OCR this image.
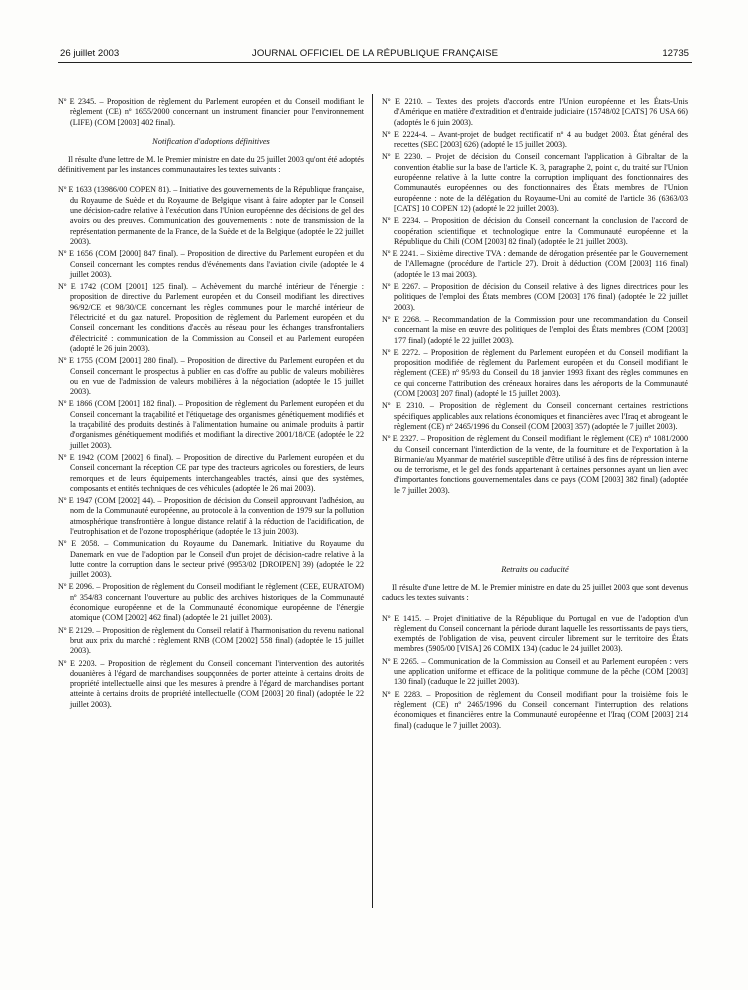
26 juillet 2003	JOURNAL OFFICIEL DE LA RÉPUBLIQUE FRANÇAISE	12735

Nº E 2345. – Proposition de règlement du Parlement européen et du Conseil modifiant le règlement (CE) nº 1655/2000 concernant un instrument financier pour l'environnement (LIFE) (COM [2003] 402 final).

Notification d'adoptions définitives

Il résulte d'une lettre de M. le Premier ministre en date du 25 juillet 2003 qu'ont été adoptés définitivement par les instances communautaires les textes suivants :

Nº E 1633 (13986/00 COPEN 81). – Initiative des gouvernements de la République française, du Royaume de Suède et du Royaume de Belgique visant à faire adopter par le Conseil une décision-cadre relative à l'exécution dans l'Union européenne des décisions de gel des avoirs ou des preuves. Communication des gouvernements : note de transmission de la représentation permanente de la France, de la Suède et de la Belgique (adoptée le 22 juillet 2003).

Nº E 1656 (COM [2000] 847 final). – Proposition de directive du Parlement européen et du Conseil concernant les comptes rendus d'événements dans l'aviation civile (adoptée le 4 juillet 2003).

Nº E 1742 (COM [2001] 125 final). – Achèvement du marché intérieur de l'énergie : proposition de directive du Parlement européen et du Conseil modifiant les directives 96/92/CE et 98/30/CE concernant les règles communes pour le marché intérieur de l'électricité et du gaz naturel. Proposition de règlement du Parlement européen et du Conseil concernant les conditions d'accès au réseau pour les échanges transfrontaliers d'électricité : communication de la Commission au Conseil et au Parlement européen (adopté le 26 juin 2003).

Nº E 1755 (COM [2001] 280 final). – Proposition de directive du Parlement européen et du Conseil concernant le prospectus à publier en cas d'offre au public de valeurs mobilières ou en vue de l'admission de valeurs mobilières à la négociation (adoptée le 15 juillet 2003).

Nº E 1866 (COM [2001] 182 final). – Proposition de règlement du Parlement européen et du Conseil concernant la traçabilité et l'étiquetage des organismes génétiquement modifiés et la traçabilité des produits destinés à l'alimentation humaine ou animale produits à partir d'organismes génétiquement modifiés et modifiant la directive 2001/18/CE (adoptée le 22 juillet 2003).

Nº E 1942 (COM [2002] 6 final). – Proposition de directive du Parlement européen et du Conseil concernant la réception CE par type des tracteurs agricoles ou forestiers, de leurs remorques et de leurs équipements interchangeables tractés, ainsi que des systèmes, composants et entités techniques de ces véhicules (adoptée le 26 mai 2003).

Nº E 1947 (COM [2002] 44). – Proposition de décision du Conseil approuvant l'adhésion, au nom de la Communauté européenne, au protocole à la convention de 1979 sur la pollution atmosphérique transfrontière à longue distance relatif à la réduction de l'acidification, de l'eutrophisation et de l'ozone troposphérique (adoptée le 13 juin 2003).

Nº E 2058. – Communication du Royaume du Danemark. Initiative du Royaume du Danemark en vue de l'adoption par le Conseil d'un projet de décision-cadre relative à la lutte contre la corruption dans le secteur privé (9953/02 [DROIPEN] 39) (adoptée le 22 juillet 2003).

Nº E 2096. – Proposition de règlement du Conseil modifiant le règlement (CEE, EURATOM) nº 354/83 concernant l'ouverture au public des archives historiques de la Communauté économique européenne et de la Communauté économique européenne de l'énergie atomique (COM [2002] 462 final) (adoptée le 21 juillet 2003).

Nº E 2129. – Proposition de règlement du Conseil relatif à l'harmonisation du revenu national brut aux prix du marché : règlement RNB (COM [2002] 558 final) (adoptée le 15 juillet 2003).

Nº E 2203. – Proposition de règlement du Conseil concernant l'intervention des autorités douanières à l'égard de marchandises soupçonnées de porter atteinte à certains droits de propriété intellectuelle ainsi que les mesures à prendre à l'égard de marchandises portant atteinte à certains droits de propriété intellectuelle (COM [2003] 20 final) (adoptée le 22 juillet 2003).

Nº E 2210. – Textes des projets d'accords entre l'Union européenne et les États-Unis d'Amérique en matière d'extradition et d'entraide judiciaire (15748/02 [CATS] 76 USA 66) (adoptés le 6 juin 2003).

Nº E 2224-4. – Avant-projet de budget rectificatif nº 4 au budget 2003. État général des recettes (SEC [2003] 626) (adopté le 15 juillet 2003).

Nº E 2230. – Projet de décision du Conseil concernant l'application à Gibraltar de la convention établie sur la base de l'article K. 3, paragraphe 2, point c, du traité sur l'Union européenne relative à la lutte contre la corruption impliquant des fonctionnaires des Communautés européennes ou des fonctionnaires des États membres de l'Union européenne : note de la délégation du Royaume-Uni au comité de l'article 36 (6363/03 [CATS] 10 COPEN 12) (adopté le 22 juillet 2003).

Nº E 2234. – Proposition de décision du Conseil concernant la conclusion de l'accord de coopération scientifique et technologique entre la Communauté européenne et la République du Chili (COM [2003] 82 final) (adoptée le 21 juillet 2003).

Nº E 2241. – Sixième directive TVA : demande de dérogation présentée par le Gouvernement de l'Allemagne (procédure de l'article 27). Droit à déduction (COM [2003] 116 final) (adoptée le 13 mai 2003).

Nº E 2267. – Proposition de décision du Conseil relative à des lignes directrices pour les politiques de l'emploi des États membres (COM [2003] 176 final) (adoptée le 22 juillet 2003).

Nº E 2268. – Recommandation de la Commission pour une recommandation du Conseil concernant la mise en œuvre des politiques de l'emploi des États membres (COM [2003] 177 final) (adopté le 22 juillet 2003).

Nº E 2272. – Proposition de règlement du Parlement européen et du Conseil modifiant la proposition modifiée de règlement du Parlement européen et du Conseil modifiant le règlement (CEE) nº 95/93 du Conseil du 18 janvier 1993 fixant des règles communes en ce qui concerne l'attribution des créneaux horaires dans les aéroports de la Communauté (COM [2003] 207 final) (adopté le 15 juillet 2003).

Nº E 2310. – Proposition de règlement du Conseil concernant certaines restrictions spécifiques applicables aux relations économiques et financières avec l'Iraq et abrogeant le règlement (CE) nº 2465/1996 du Conseil (COM [2003] 357) (adoptée le 7 juillet 2003).

Nº E 2327. – Proposition de règlement du Conseil modifiant le règlement (CE) nº 1081/2000 du Conseil concernant l'interdiction de la vente, de la fourniture et de l'exportation à la Birmanie/au Myanmar de matériel susceptible d'être utilisé à des fins de répression interne ou de terrorisme, et le gel des fonds appartenant à certaines personnes ayant un lien avec d'importantes fonctions gouvernementales dans ce pays (COM [2003] 382 final) (adoptée le 7 juillet 2003).

Retraits ou caducité

Il résulte d'une lettre de M. le Premier ministre en date du 25 juillet 2003 que sont devenus caducs les textes suivants :

Nº E 1415. – Projet d'initiative de la République du Portugal en vue de l'adoption d'un règlement du Conseil concernant la période durant laquelle les ressortissants de pays tiers, exemptés de l'obligation de visa, peuvent circuler librement sur le territoire des États membres (5905/00 [VISA] 26 COMIX 134) (caduc le 24 juillet 2003).

Nº E 2265. – Communication de la Commission au Conseil et au Parlement européen : vers une application uniforme et efficace de la politique commune de la pêche (COM [2003] 130 final) (caduque le 22 juillet 2003).

Nº E 2283. – Proposition de règlement du Conseil modifiant pour la troisième fois le règlement (CE) nº 2465/1996 du Conseil concernant l'interruption des relations économiques et financières entre la Communauté européenne et l'Iraq (COM [2003] 214 final) (caduque le 7 juillet 2003).
